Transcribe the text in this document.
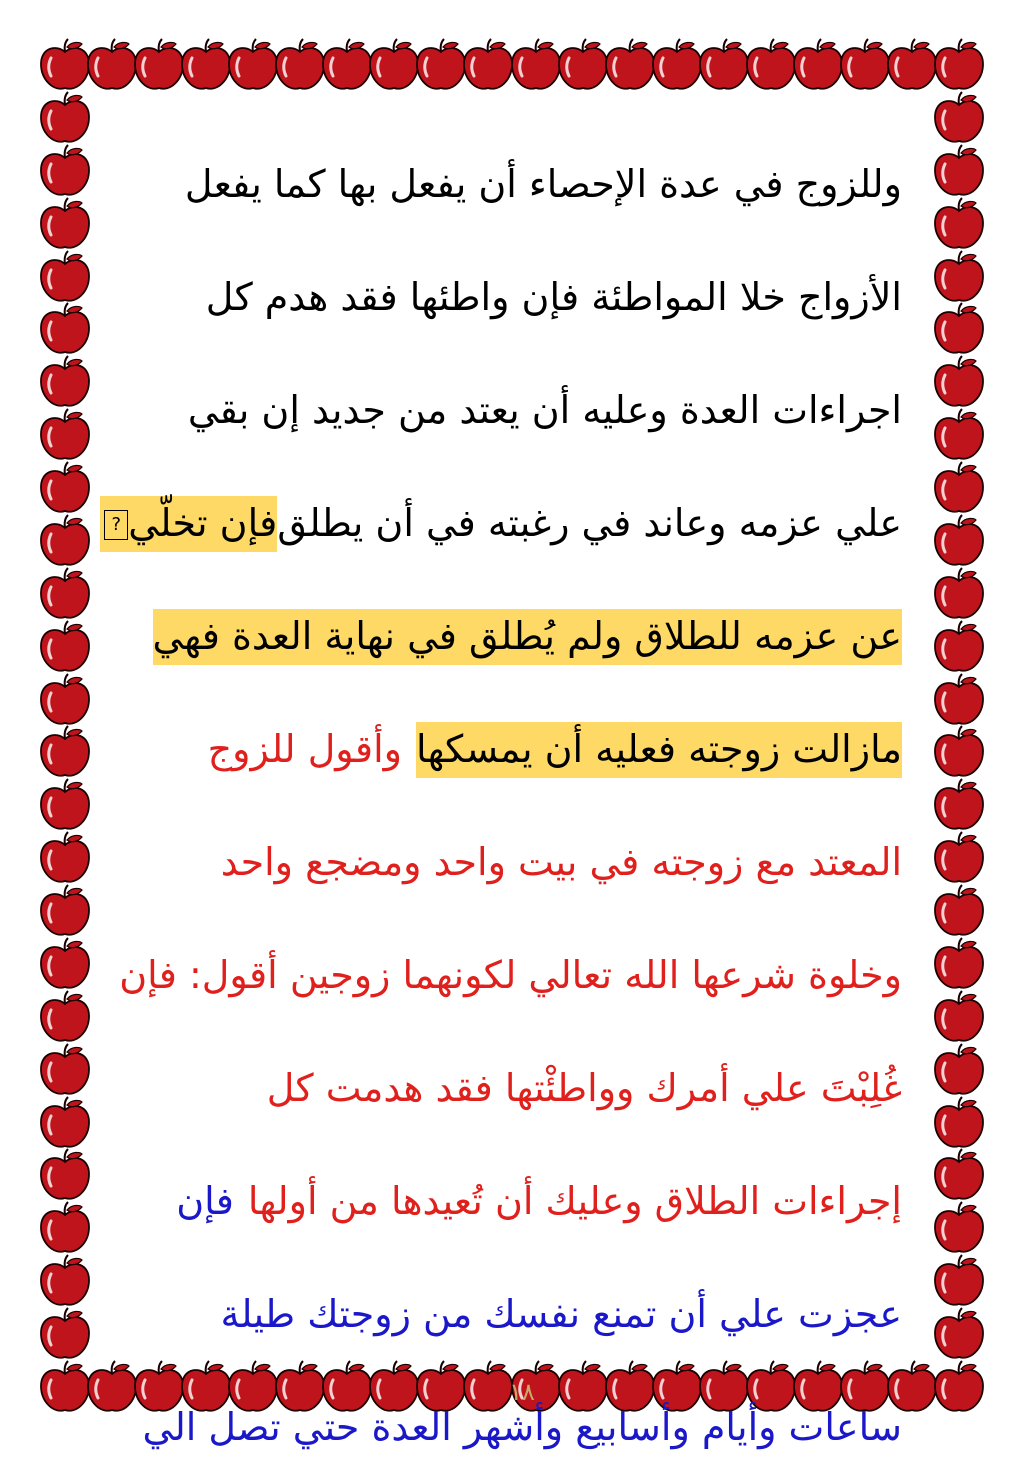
وللزوج في عدة الإحصاء أن يفعل بها كما يفعل
الأزواج خلا المواطئة فإن واطئها فقد هدم كل
اجراءات العدة وعليه أن يعتد من جديد إن بقي
علي عزمه وعاند في رغبته في أن يطلق
فإن تخلّي?
عن عزمه للطلاق ولم يُطلق في نهاية العدة فهي
مازالت زوجته فعليه أن يمسكها
وأقول للزوج
المعتد مع زوجته في بيت واحد ومضجع واحد
وخلوة شرعها الله تعالي لكونهما زوجين أقول: فإن
غُلِبْتَ علي أمرك وواطئْتها فقد هدمت كل
إجراءات الطلاق وعليك أن تُعيدها من أولها
فإن
عجزت علي أن تمنع نفسك من زوجتك طيلة
ساعات وأيام وأسابيع وأشهر العدة حتي تصل الي
١٨
